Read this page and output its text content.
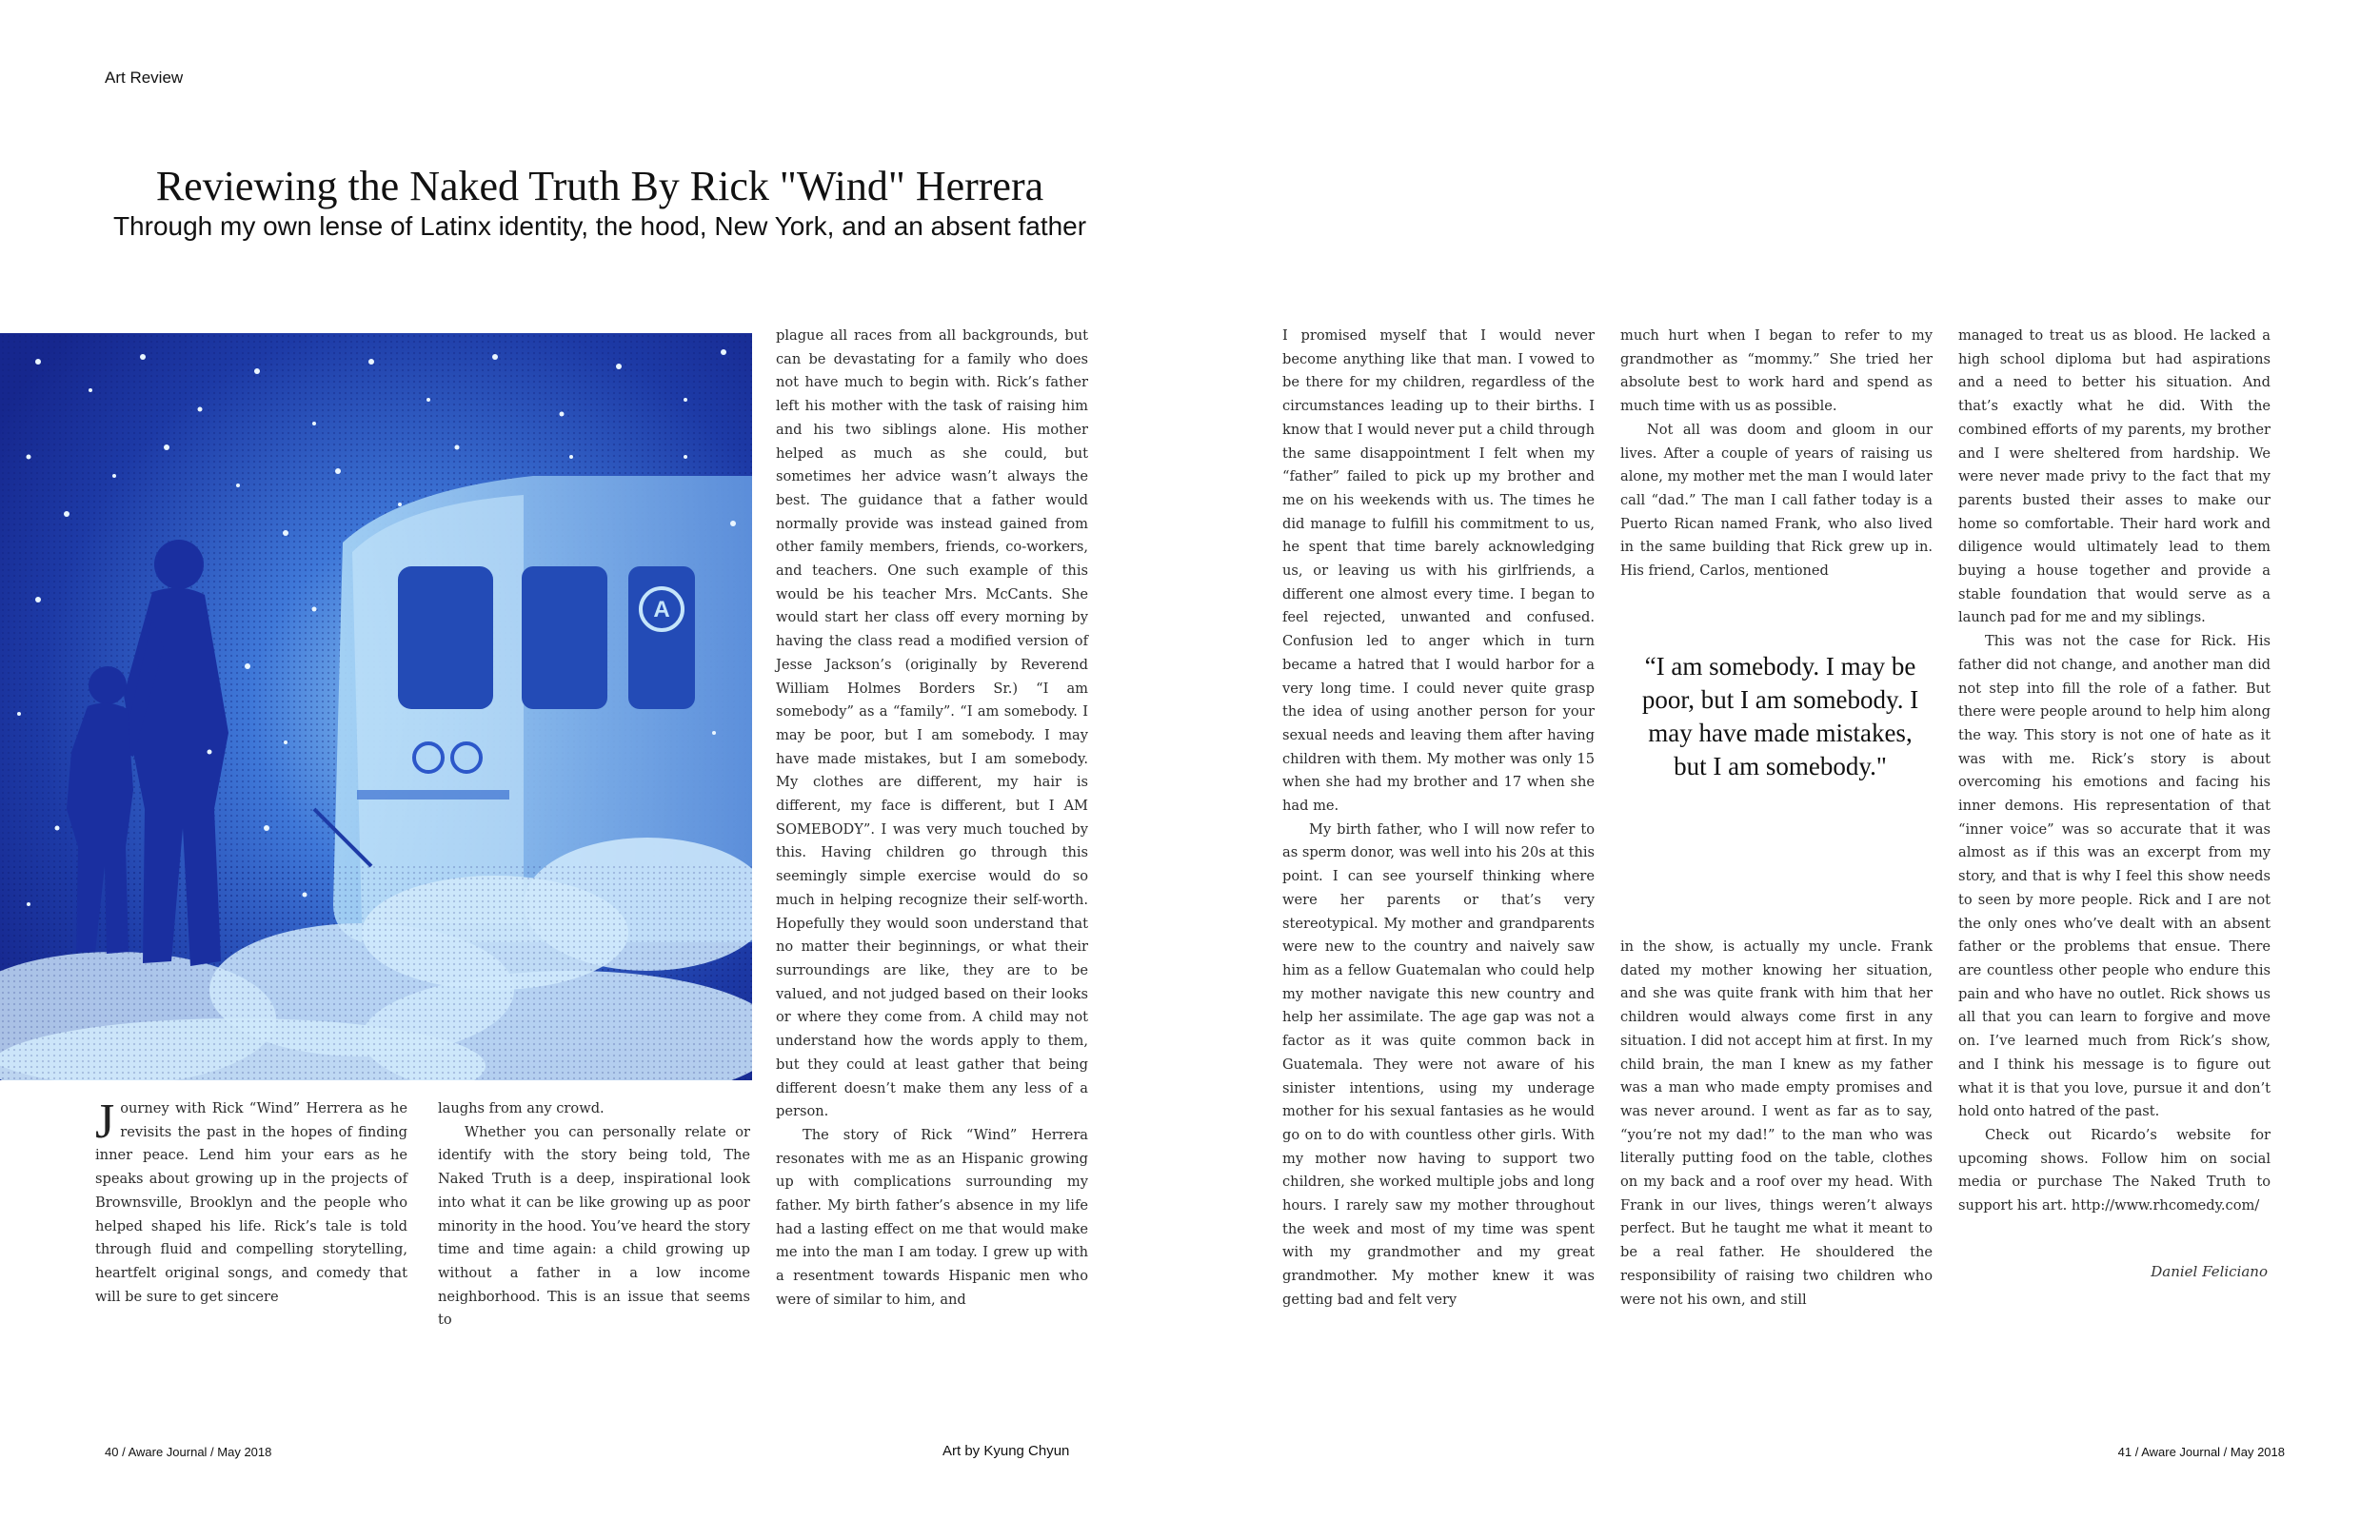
Art Review
Reviewing the Naked Truth By Rick "Wind" Herrera
Through my own lense of Latinx identity, the hood, New York, and an absent father
A

Journey with Rick “Wind” Herrera as he revisits the past in the hopes of finding inner peace. Lend him your ears as he speaks about growing up in the projects of Brownsville, Brooklyn and the people who helped shaped his life. Rick’s tale is told through fluid and compelling storytelling, heartfelt original songs, and comedy that will be sure to get sincere

laughs from any crowd.

Whether you can personally relate or identify with the story being told, The Naked Truth is a deep, inspirational look into what it can be like growing up as poor minority in the hood. You’ve heard the story time and time again: a child growing up without a father in a low income neighborhood. This is an issue that seems to

plague all races from all backgrounds, but can be devastating for a family who does not have much to begin with. Rick’s father left his mother with the task of raising him and his two siblings alone. His mother helped as much as she could, but sometimes her advice wasn’t always the best. The guidance that a father would normally provide was instead gained from other family members, friends, co-workers, and teachers. One such example of this would be his teacher Mrs. McCants. She would start her class off every morning by having the class read a modified version of Jesse Jackson’s (originally by Reverend William Holmes Borders Sr.) “I am somebody” as a “family”. “I am somebody. I may be poor, but I am somebody. I may have made mistakes, but I am somebody. My clothes are different, my hair is different, my face is different, but I AM SOMEBODY”. I was very much touched by this. Having children go through this seemingly simple exercise would do so much in helping recognize their self-worth. Hopefully they would soon understand that no matter their beginnings, or what their surroundings are like, they are to be valued, and not judged based on their looks or where they come from. A child may not understand how the words apply to them, but they could at least gather that being different doesn’t make them any less of a person.

The story of Rick “Wind” Herrera resonates with me as an Hispanic growing up with complications surrounding my father. My birth father’s absence in my life had a lasting effect on me that would make me into the man I am today. I grew up with a resentment towards Hispanic men who were of similar to him, and

I promised myself that I would never become anything like that man. I vowed to be there for my children, regardless of the circumstances leading up to their births. I know that I would never put a child through the same disappointment I felt when my “father” failed to pick up my brother and me on his weekends with us. The times he did manage to fulfill his commitment to us, he spent that time barely acknowledging us, or leaving us with his girlfriends, a different one almost every time. I began to feel rejected, unwanted and confused. Confusion led to anger which in turn became a hatred that I would harbor for a very long time. I could never quite grasp the idea of using another person for your sexual needs and leaving them after having children with them. My mother was only 15 when she had my brother and 17 when she had me.

My birth father, who I will now refer to as sperm donor, was well into his 20s at this point. I can see yourself thinking where were her parents or that’s very stereotypical. My mother and grandparents were new to the country and naively saw him as a fellow Guatemalan who could help my mother navigate this new country and help her assimilate. The age gap was not a factor as it was quite common back in Guatemala. They were not aware of his sinister intentions, using my underage mother for his sexual fantasies as he would go on to do with countless other girls. With my mother now having to support two children, she worked multiple jobs and long hours. I rarely saw my mother throughout the week and most of my time was spent with my grandmother and my great grandmother. My mother knew it was getting bad and felt very

much hurt when I began to refer to my grandmother as “mommy.” She tried her absolute best to work hard and spend as much time with us as possible.

Not all was doom and gloom in our lives. After a couple of years of raising us alone, my mother met the man I would later call “dad.” The man I call father today is a Puerto Rican named Frank, who also lived in the same building that Rick grew up in. His friend, Carlos, mentioned

“I am somebody. I may be poor, but I am somebody. I may have made mistakes, but I am somebody."

in the show, is actually my uncle. Frank dated my mother knowing her situation, and she was quite frank with him that her children would always come first in any situation. I did not accept him at first. In my child brain, the man I knew as my father was a man who made empty promises and was never around. I went as far as to say, “you’re not my dad!” to the man who was literally putting food on the table, clothes on my back and a roof over my head. With Frank in our lives, things weren’t always perfect. But he taught me what it meant to be a real father. He shouldered the responsibility of raising two children who were not his own, and still

managed to treat us as blood. He lacked a high school diploma but had aspirations and a need to better his situation. And that’s exactly what he did. With the combined efforts of my parents, my brother and I were sheltered from hardship. We were never made privy to the fact that my parents busted their asses to make our home so comfortable. Their hard work and diligence would ultimately lead to them buying a house together and provide a stable foundation that would serve as a launch pad for me and my siblings.

This was not the case for Rick. His father did not change, and another man did not step into fill the role of a father. But there were people around to help him along the way. This story is not one of hate as it was with me. Rick’s story is about overcoming his emotions and facing his inner demons. His representation of that “inner voice” was so accurate that it was almost as if this was an excerpt from my story, and that is why I feel this show needs to seen by more people. Rick and I are not the only ones who’ve dealt with an absent father or the problems that ensue. There are countless other people who endure this pain and who have no outlet. Rick shows us all that you can learn to forgive and move on. I’ve learned much from Rick’s show, and I think his message is to figure out what it is that you love, pursue it and don’t hold onto hatred of the past.

Check out Ricardo’s website for upcoming shows. Follow him on social media or purchase The Naked Truth to support his art. http://www.rhcomedy.com/

Daniel Feliciano
40 / Aware Journal / May 2018	Art by Kyung Chyun	41 / Aware Journal / May 2018
